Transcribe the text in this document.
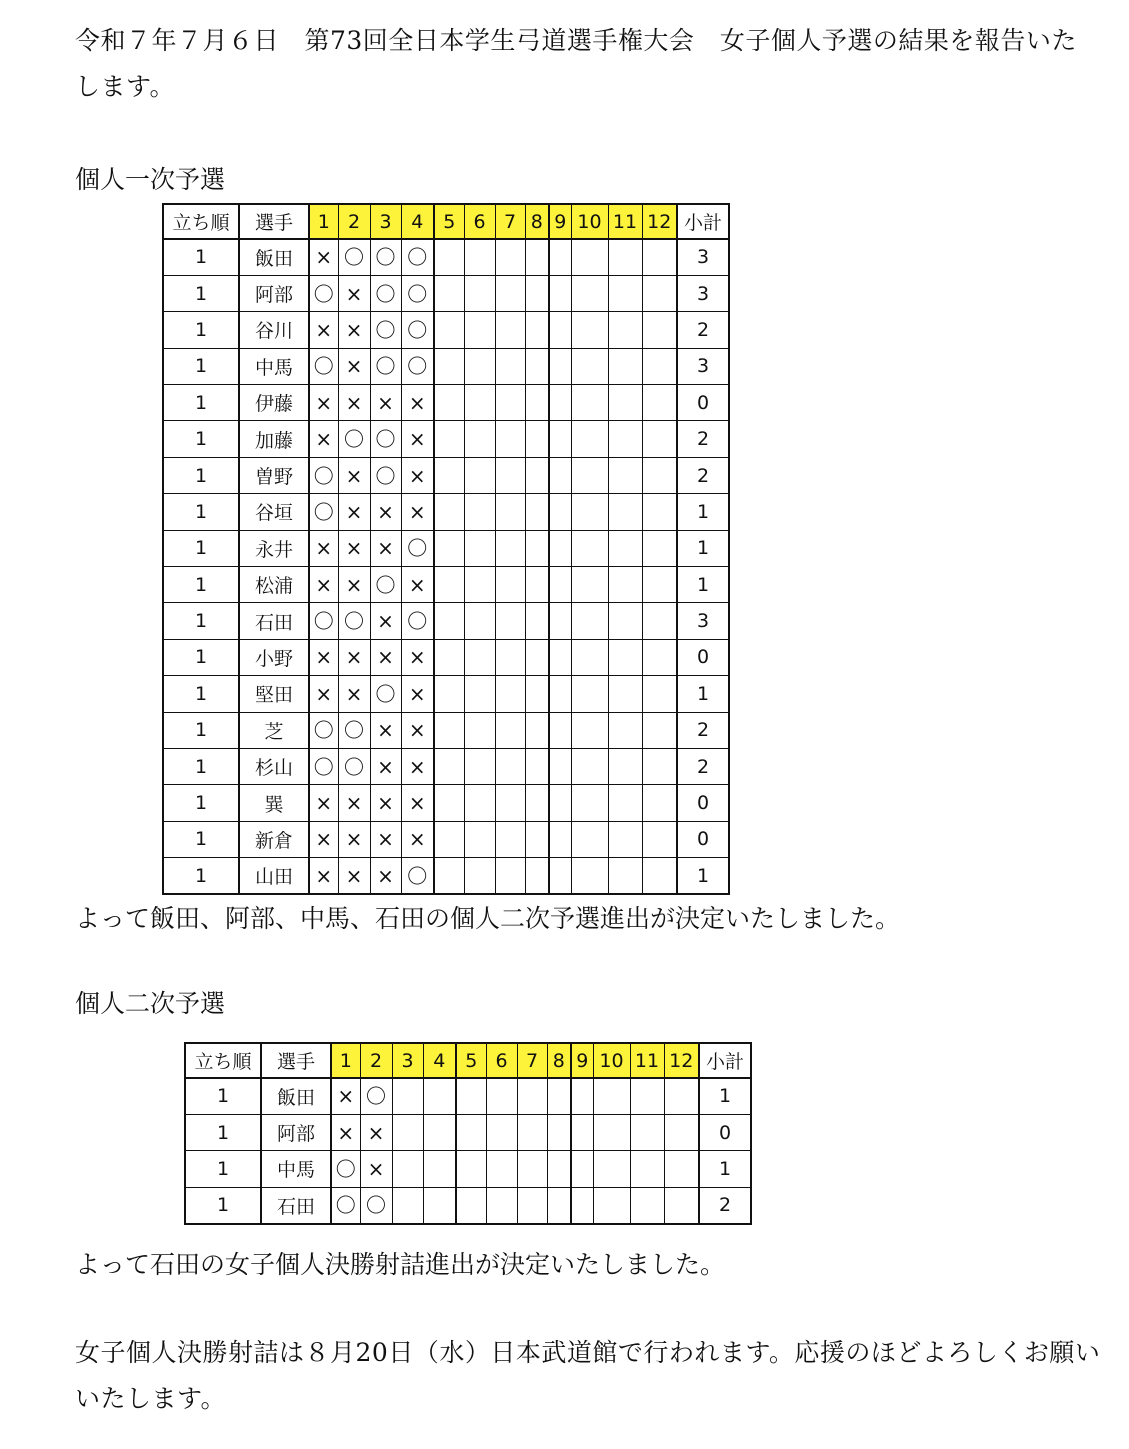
令和７年７月６日　第73回全日本学生弓道選手権大会　女子個人予選の結果を報告いた
します。

個人一次予選

立ち順	選手	1	2	3	4	5	6	7	8	9	10	11	12	小計
1	飯田	×	〇	〇	〇									3
1	阿部	〇	×	〇	〇									3
1	谷川	×	×	〇	〇									2
1	中馬	〇	×	〇	〇									3
1	伊藤	×	×	×	×									0
1	加藤	×	〇	〇	×									2
1	曽野	〇	×	〇	×									2
1	谷垣	〇	×	×	×									1
1	永井	×	×	×	〇									1
1	松浦	×	×	〇	×									1
1	石田	〇	〇	×	〇									3
1	小野	×	×	×	×									0
1	堅田	×	×	〇	×									1
1	芝	〇	〇	×	×									2
1	杉山	〇	〇	×	×									2
1	巽	×	×	×	×									0
1	新倉	×	×	×	×									0
1	山田	×	×	×	〇									1

よって飯田、阿部、中馬、石田の個人二次予選進出が決定いたしました。

個人二次予選

立ち順	選手	1	2	3	4	5	6	7	8	9	10	11	12	小計
1	飯田	×	〇											1
1	阿部	×	×											0
1	中馬	〇	×											1
1	石田	〇	〇											2

よって石田の女子個人決勝射詰進出が決定いたしました。

女子個人決勝射詰は８月20日（水）日本武道館で行われます。応援のほどよろしくお願い
いたします。
